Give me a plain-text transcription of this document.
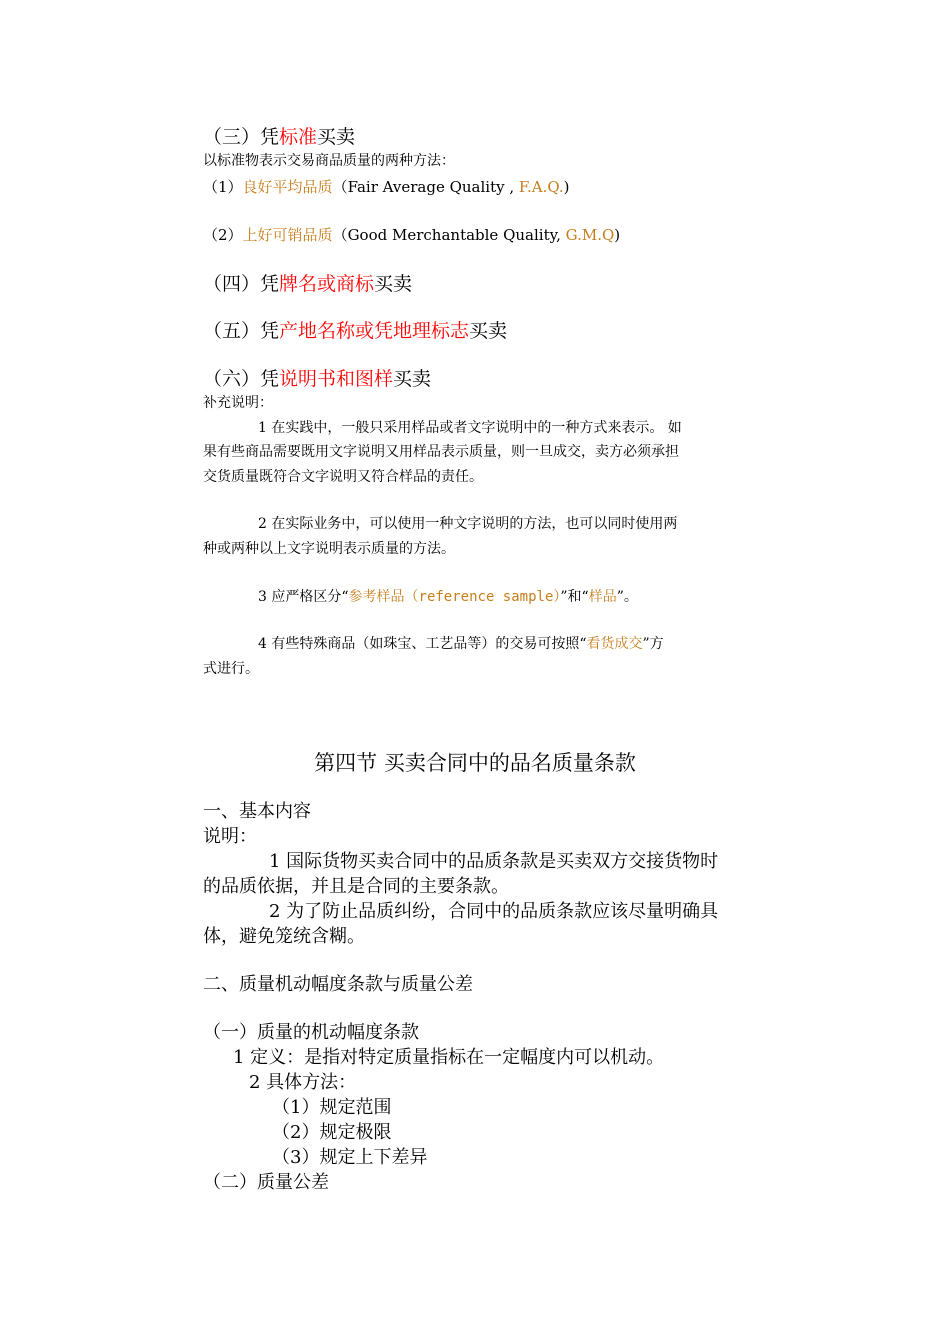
（三）凭标准买卖
以标准物表示交易商品质量的两种方法：
（1）良好平均品质（Fair Average Quality , F.A.Q.)
（2）上好可销品质（Good Merchantable Quality, G.M.Q)
（四）凭牌名或商标买卖
（五）凭产地名称或凭地理标志买卖
（六）凭说明书和图样买卖
补充说明：
1 在实践中，一般只采用样品或者文字说明中的一种方式来表示。 如
果有些商品需要既用文字说明又用样品表示质量，则一旦成交，卖方必须承担
交货质量既符合文字说明又符合样品的责任。
2 在实际业务中，可以使用一种文字说明的方法，也可以同时使用两
种或两种以上文字说明表示质量的方法。
3 应严格区分“参考样品（reference sample）”和“样品”。
4 有些特殊商品（如珠宝、工艺品等）的交易可按照“看货成交”方
式进行。
第四节 买卖合同中的品名质量条款
一、基本内容
说明：
1 国际货物买卖合同中的品质条款是买卖双方交接货物时
的品质依据，并且是合同的主要条款。
2 为了防止品质纠纷，合同中的品质条款应该尽量明确具
体，避免笼统含糊。
二、质量机动幅度条款与质量公差
（一）质量的机动幅度条款
1 定义：是指对特定质量指标在一定幅度内可以机动。
2 具体方法：
（1）规定范围
（2）规定极限
（3）规定上下差异
（二）质量公差
